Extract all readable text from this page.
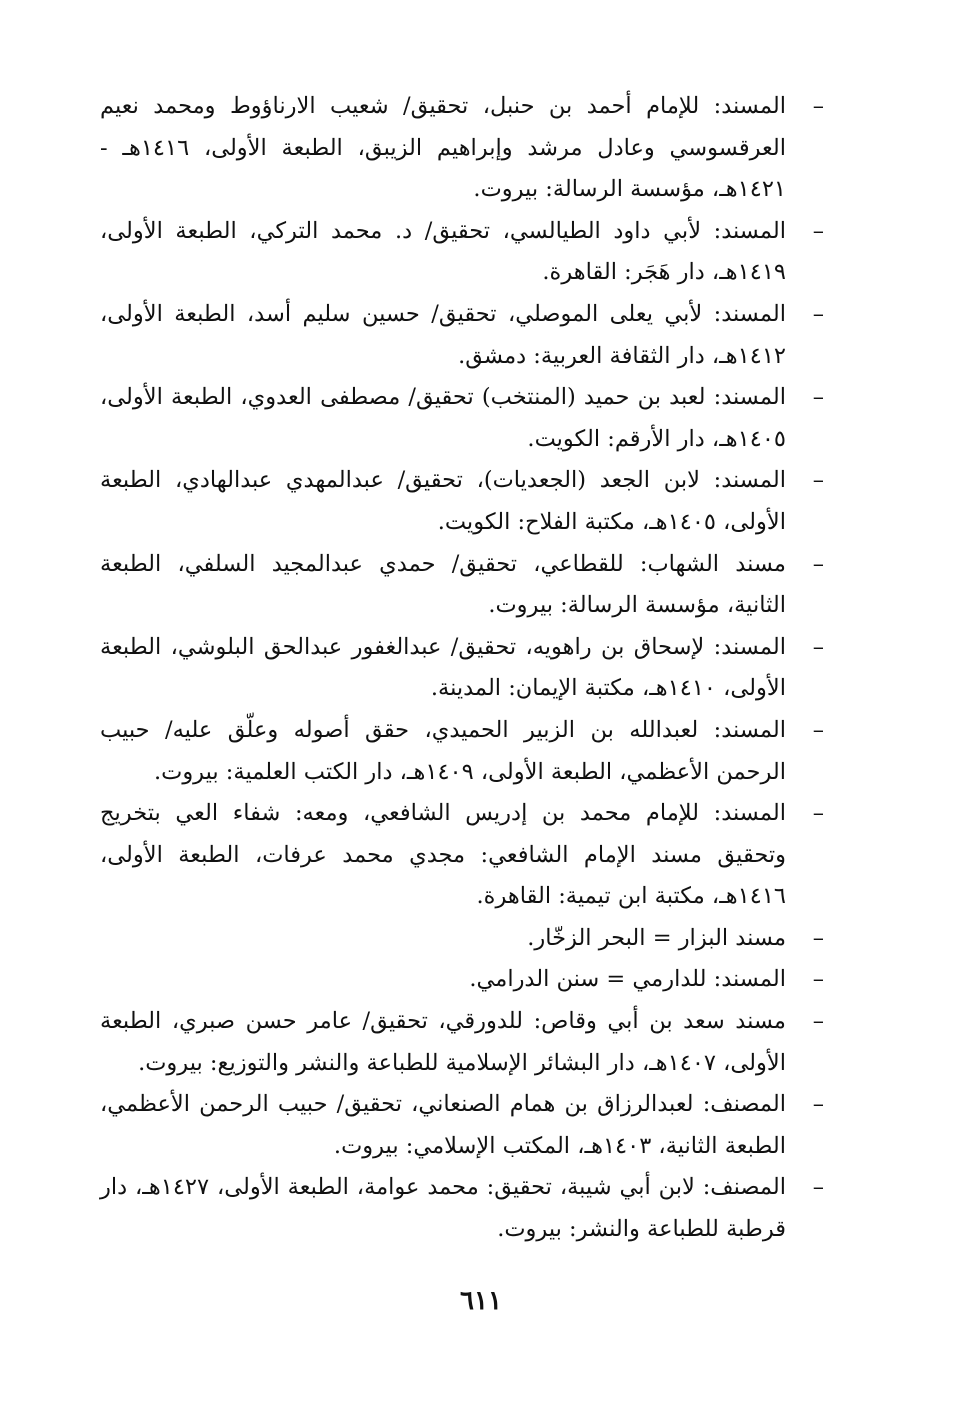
–
المسند: للإمام أحمد بن حنبل، تحقيق/ شعيب الارناؤوط ومحمد نعيم العرقسوسي وعادل مرشد وإبراهيم الزيبق، الطبعة الأولى، ١٤١٦هـ - ١٤٢١هـ، مؤسسة الرسالة: بيروت.
–
المسند: لأبي داود الطيالسي، تحقيق/ د. محمد التركي، الطبعة الأولى، ١٤١٩هـ، دار هَجَر: القاهرة.
–
المسند: لأبي يعلى الموصلي، تحقيق/ حسين سليم أسد، الطبعة الأولى، ١٤١٢هـ، دار الثقافة العربية: دمشق.
–
المسند: لعبد بن حميد (المنتخب) تحقيق/ مصطفى العدوي، الطبعة الأولى، ١٤٠٥هـ، دار الأرقم: الكويت.
–
المسند: لابن الجعد (الجعديات)، تحقيق/ عبدالمهدي عبدالهادي، الطبعة الأولى، ١٤٠٥هـ، مكتبة الفلاح: الكويت.
–
مسند الشهاب: للقطاعي، تحقيق/ حمدي عبدالمجيد السلفي، الطبعة الثانية، مؤسسة الرسالة: بيروت.
–
المسند: لإسحاق بن راهويه، تحقيق/ عبدالغفور عبدالحق البلوشي، الطبعة الأولى، ١٤١٠هـ، مكتبة الإيمان: المدينة.
–
المسند: لعبدالله بن الزبير الحميدي، حقق أصوله وعلّق عليه/ حبيب الرحمن الأعظمي، الطبعة الأولى، ١٤٠٩هـ، دار الكتب العلمية: بيروت.
–
المسند: للإمام محمد بن إدريس الشافعي، ومعه: شفاء العي بتخريج وتحقيق مسند الإمام الشافعي: مجدي محمد عرفات، الطبعة الأولى، ١٤١٦هـ، مكتبة ابن تيمية: القاهرة.
–
مسند البزار = البحر الزخّار.
–
المسند: للدارمي = سنن الدرامي.
–
مسند سعد بن أبي وقاص: للدورقي، تحقيق/ عامر حسن صبري، الطبعة الأولى، ١٤٠٧هـ، دار البشائر الإسلامية للطباعة والنشر والتوزيع: بيروت.
–
المصنف: لعبدالرزاق بن همام الصنعاني، تحقيق/ حبيب الرحمن الأعظمي، الطبعة الثانية، ١٤٠٣هـ، المكتب الإسلامي: بيروت.
–
المصنف: لابن أبي شيبة، تحقيق: محمد عوامة، الطبعة الأولى، ١٤٢٧هـ، دار قرطبة للطباعة والنشر: بيروت.
٦١١
